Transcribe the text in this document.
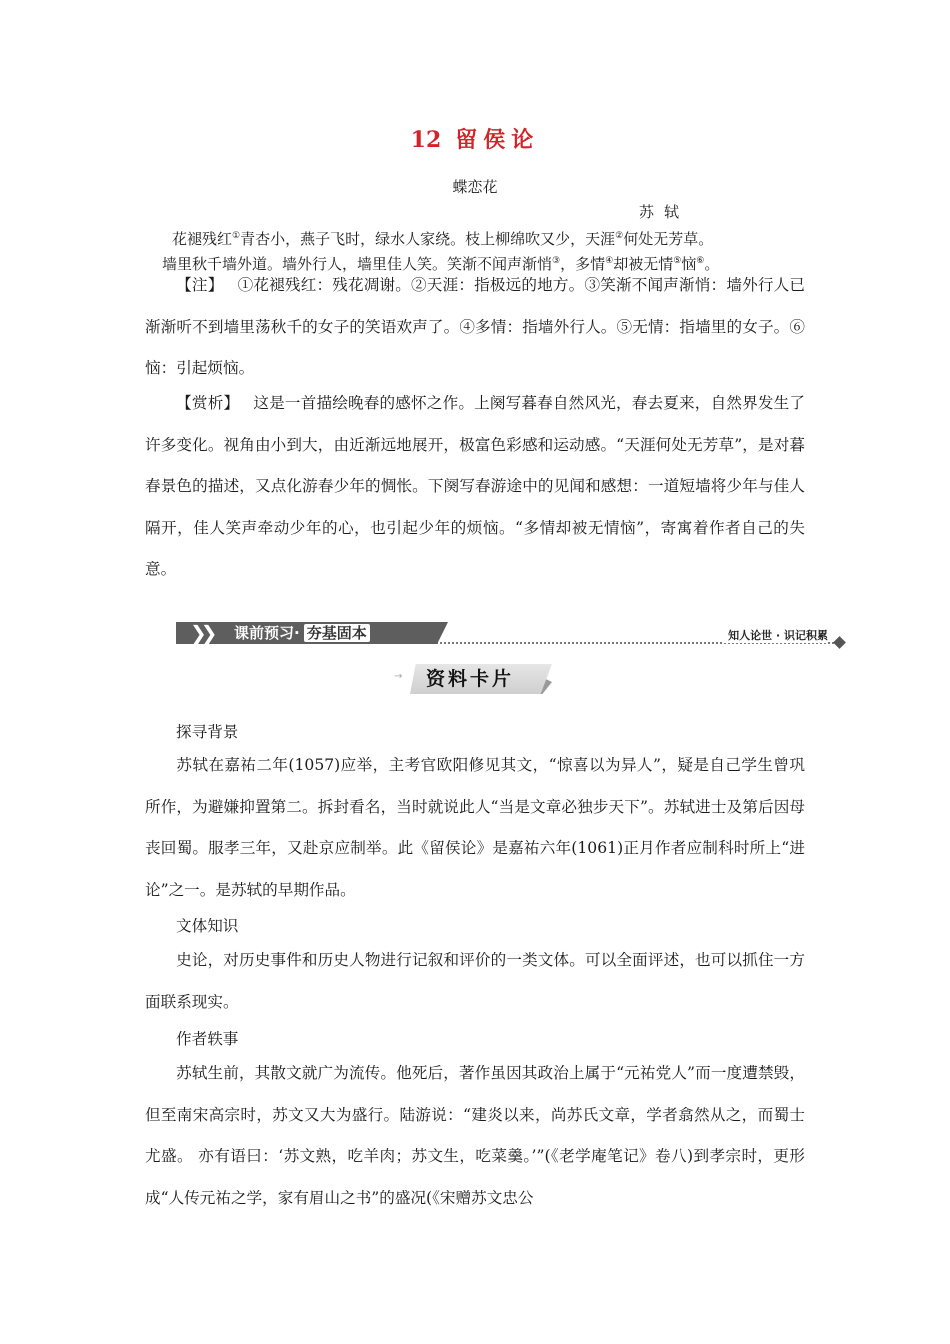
12 留侯论
蝶恋花
苏轼
花褪残红①青杏小，燕子飞时，绿水人家绕。枝上柳绵吹又少，天涯②何处无芳草。
墙里秋千墙外道。墙外行人，墙里佳人笑。笑渐不闻声渐悄③，多情④却被无情⑤恼⑥。
【注】 ①花褪残红：残花凋谢。②天涯：指极远的地方。③笑渐不闻声渐悄：墙外行人已渐渐听不到墙里荡秋千的女子的笑语欢声了。④多情：指墙外行人。⑤无情：指墙里的女子。⑥恼：引起烦恼。
【赏析】 这是一首描绘晚春的感怀之作。上阕写暮春自然风光，春去夏来，自然界发生了许多变化。视角由小到大，由近渐远地展开，极富色彩感和运动感。“天涯何处无芳草”，是对暮春景色的描述，又点化游春少年的惆怅。下阕写春游途中的见闻和感想：一道短墙将少年与佳人隔开，佳人笑声牵动少年的心，也引起少年的烦恼。“多情却被无情恼”，寄寓着作者自己的失意。
❯❯ 课前预习· 夯基固本	知人论世 · 识记积累
→ 资料卡片
探寻背景
苏轼在嘉祐二年(1057)应举，主考官欧阳修见其文，“惊喜以为异人”，疑是自己学生曾巩所作，为避嫌抑置第二。拆封看名，当时就说此人“当是文章必独步天下”。苏轼进士及第后因母丧回蜀。服孝三年，又赴京应制举。此《留侯论》是嘉祐六年(1061)正月作者应制科时所上“进论”之一。是苏轼的早期作品。
文体知识
史论，对历史事件和历史人物进行记叙和评价的一类文体。可以全面评述，也可以抓住一方面联系现实。
作者轶事
苏轼生前，其散文就广为流传。他死后，著作虽因其政治上属于“元祐党人”而一度遭禁毁，但至南宋高宗时，苏文又大为盛行。陆游说：“建炎以来，尚苏氏文章，学者翕然从之，而蜀士尤盛。 亦有语曰：‘苏文熟，吃羊肉；苏文生，吃菜羹。’”(《老学庵笔记》卷八)到孝宗时，更形成“人传元祐之学，家有眉山之书”的盛况(《宋赠苏文忠公
